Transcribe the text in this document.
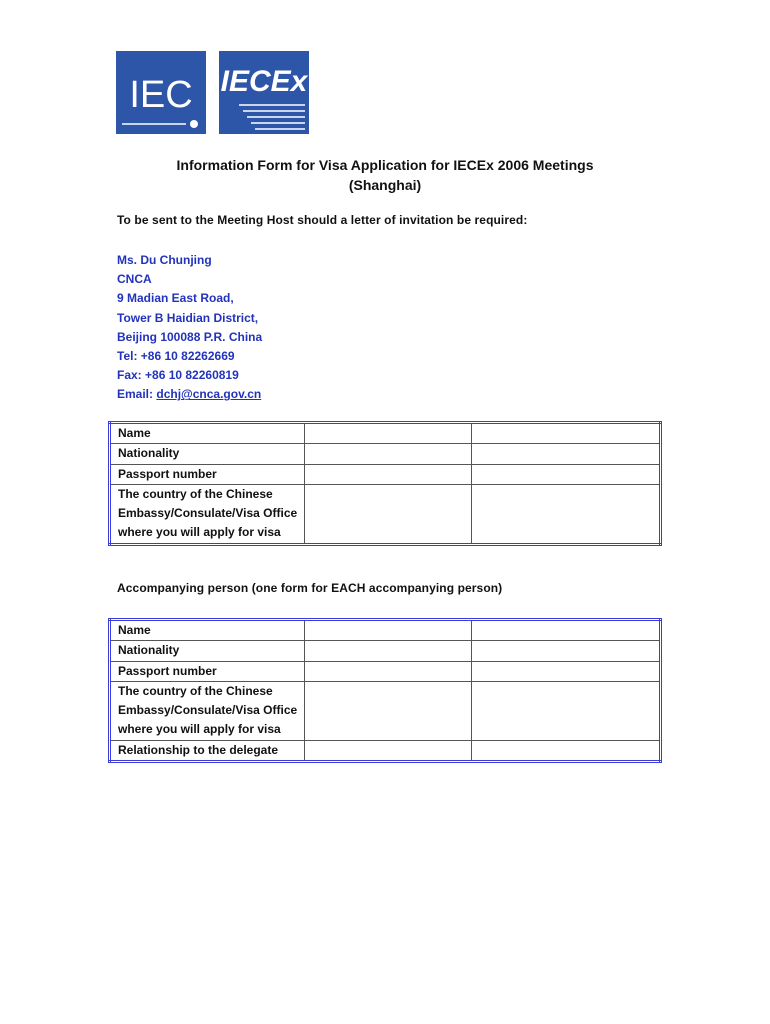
IEC IECEx
Information Form for Visa Application for IECEx 2006 Meetings
(Shanghai)
To be sent to the Meeting Host should a letter of invitation be required:
Ms. Du Chunjing
CNCA
9 Madian East Road,
Tower B Haidian District,
Beijing 100088 P.R. China
Tel: +86 10 82262669
Fax: +86 10 82260819
Email: dchj@cnca.gov.cn
Name	

Nationality	

Passport number	

The country of the Chinese Embassy/Consulate/Visa Office where you will apply for visa	

Accompanying person (one form for EACH accompanying person)
Name	

Nationality	

Passport number	

The country of the Chinese Embassy/Consulate/Visa Office where you will apply for visa	

Relationship to the delegate	
